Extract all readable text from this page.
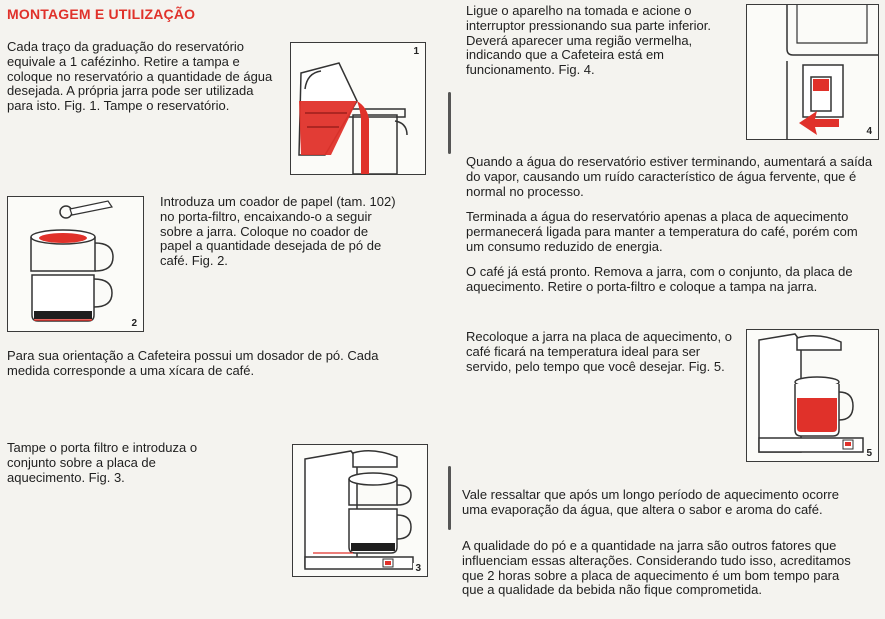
MONTAGEM E UTILIZAÇÃO

Cada traço da graduação do reservatório equivale a 1 cafézinho. Retire a tampa e coloque no reservatório a quantidade de água desejada. A própria jarra pode ser utilizada para isto. Fig. 1. Tampe o reservatório.

Introduza um coador de papel (tam. 102) no porta-filtro, encaixando-o a seguir sobre a jarra. Coloque no coador de papel a quantidade desejada de pó de café. Fig. 2.

Para sua orientação a Cafeteira possui um dosador de pó. Cada medida corresponde a uma xícara de café.

Tampe o porta filtro e introduza o conjunto sobre a placa de aquecimento. Fig. 3.

1
2
3

Ligue o aparelho na tomada e acione o interruptor pressionando sua parte inferior. Deverá aparecer uma região vermelha, indicando que a Cafeteira está em funcionamento. Fig. 4.

Quando a água do reservatório estiver terminando, aumentará a saída do vapor, causando um ruído característico de água fervente, que é normal no processo.

Terminada a água do reservatório apenas a placa de aquecimento permanecerá ligada para manter a temperatura do café, porém com um consumo reduzido de energia.

O café já está pronto. Remova a jarra, com o conjunto, da placa de aquecimento. Retire o porta-filtro e coloque a tampa na jarra.

Recoloque a jarra na placa de aquecimento, o café ficará na temperatura ideal para ser servido, pelo tempo que você desejar. Fig. 5.

Vale ressaltar que após um longo período de aquecimento ocorre uma evaporação da água, que altera o sabor e aroma do café.

A qualidade do pó e a quantidade na jarra são outros fatores que influenciam essas alterações. Considerando tudo isso, acreditamos que 2 horas sobre a placa de aquecimento é um bom tempo para que a qualidade da bebida não fique comprometida.

4
5
